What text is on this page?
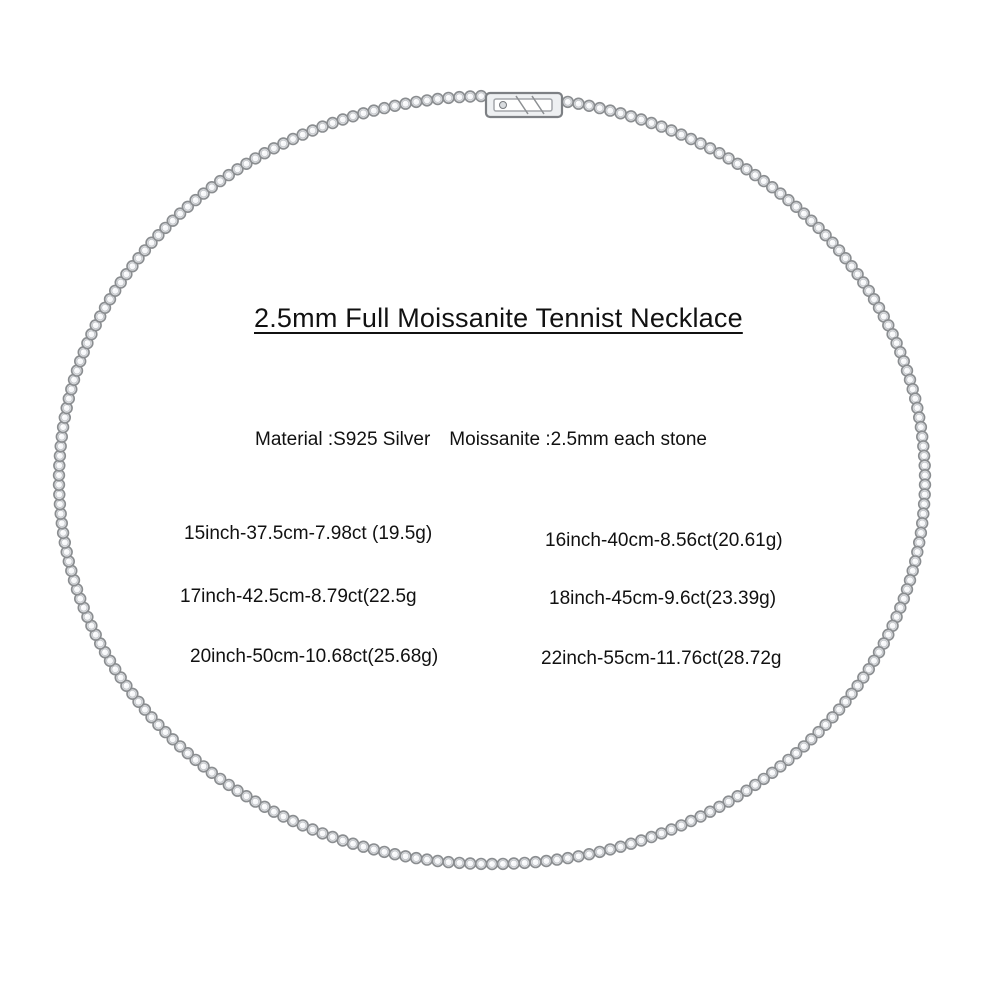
2.5mm Full Moissanite Tennist Necklace
Material :S925 Silver Moissanite :2.5mm each stone
15inch-37.5cm-7.98ct (19.5g)	16inch-40cm-8.56ct(20.61g)
17inch-42.5cm-8.79ct(22.5g	18inch-45cm-9.6ct(23.39g)
20inch-50cm-10.68ct(25.68g)	22inch-55cm-11.76ct(28.72g
